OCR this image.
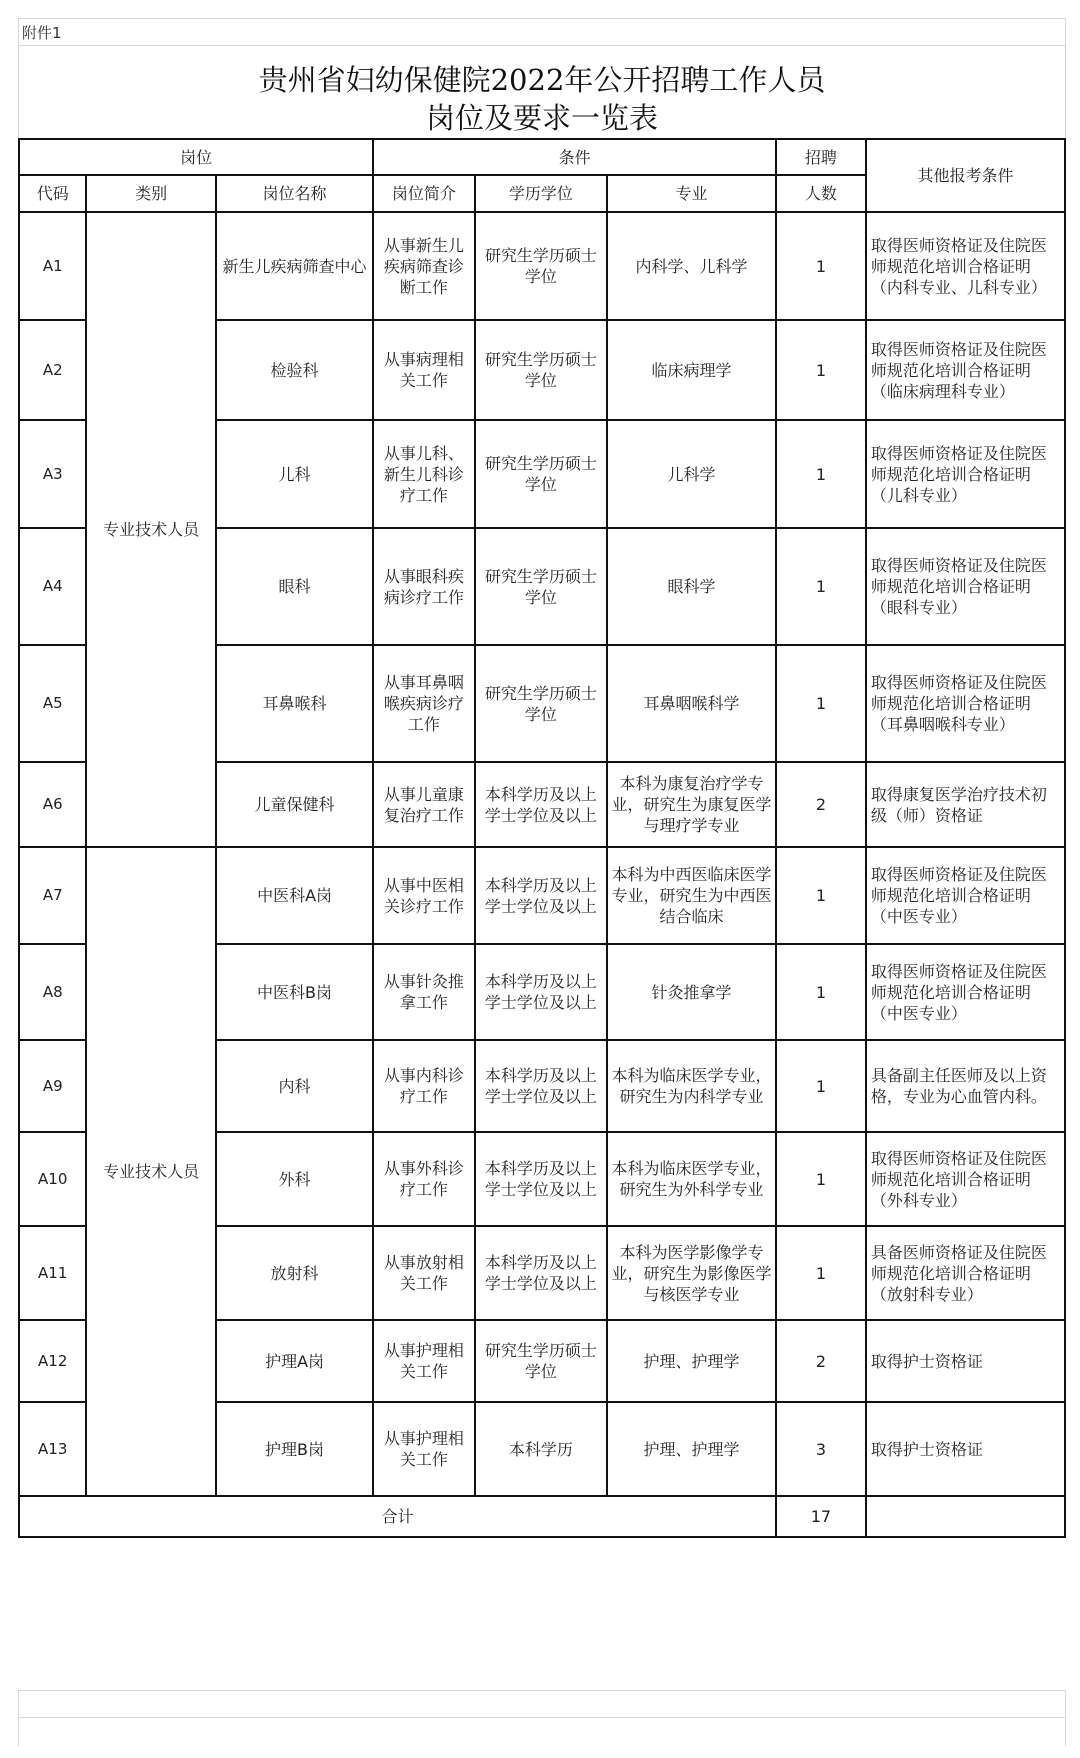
附件1
贵州省妇幼保健院2022年公开招聘工作人员
岗位及要求一览表
岗位			条件			招聘	其他报考条件
代码	类别	岗位名称	岗位简介	学历学位	专业	人数	
A1	专业技术人员	新生儿疾病筛查中心	从事新生儿疾病筛查诊断工作	研究生学历硕士学位	内科学、儿科学	1	取得医师资格证及住院医师规范化培训合格证明（内科专业、儿科专业）
A2		检验科	从事病理相关工作	研究生学历硕士学位	临床病理学	1	取得医师资格证及住院医师规范化培训合格证明（临床病理科专业）
A3		儿科	从事儿科、新生儿科诊疗工作	研究生学历硕士学位	儿科学	1	取得医师资格证及住院医师规范化培训合格证明（儿科专业）
A4		眼科	从事眼科疾病诊疗工作	研究生学历硕士学位	眼科学	1	取得医师资格证及住院医师规范化培训合格证明（眼科专业）
A5		耳鼻喉科	从事耳鼻咽喉疾病诊疗工作	研究生学历硕士学位	耳鼻咽喉科学	1	取得医师资格证及住院医师规范化培训合格证明（耳鼻咽喉科专业）
A6		儿童保健科	从事儿童康复治疗工作	本科学历及以上学士学位及以上	本科为康复治疗学专业，研究生为康复医学与理疗学专业	2	取得康复医学治疗技术初级（师）资格证
A7	专业技术人员	中医科A岗	从事中医相关诊疗工作	本科学历及以上学士学位及以上	本科为中西医临床医学专业，研究生为中西医结合临床	1	取得医师资格证及住院医师规范化培训合格证明（中医专业）
A8		中医科B岗	从事针灸推拿工作	本科学历及以上学士学位及以上	针灸推拿学	1	取得医师资格证及住院医师规范化培训合格证明（中医专业）
A9		内科	从事内科诊疗工作	本科学历及以上学士学位及以上	本科为临床医学专业，研究生为内科学专业	1	具备副主任医师及以上资格，专业为心血管内科。
A10		外科	从事外科诊疗工作	本科学历及以上学士学位及以上	本科为临床医学专业，研究生为外科学专业	1	取得医师资格证及住院医师规范化培训合格证明（外科专业）
A11		放射科	从事放射相关工作	本科学历及以上学士学位及以上	本科为医学影像学专业，研究生为影像医学与核医学专业	1	具备医师资格证及住院医师规范化培训合格证明（放射科专业）
A12		护理A岗	从事护理相关工作	研究生学历硕士学位	护理、护理学	2	取得护士资格证
A13		护理B岗	从事护理相关工作	本科学历	护理、护理学	3	取得护士资格证
合计						17	
